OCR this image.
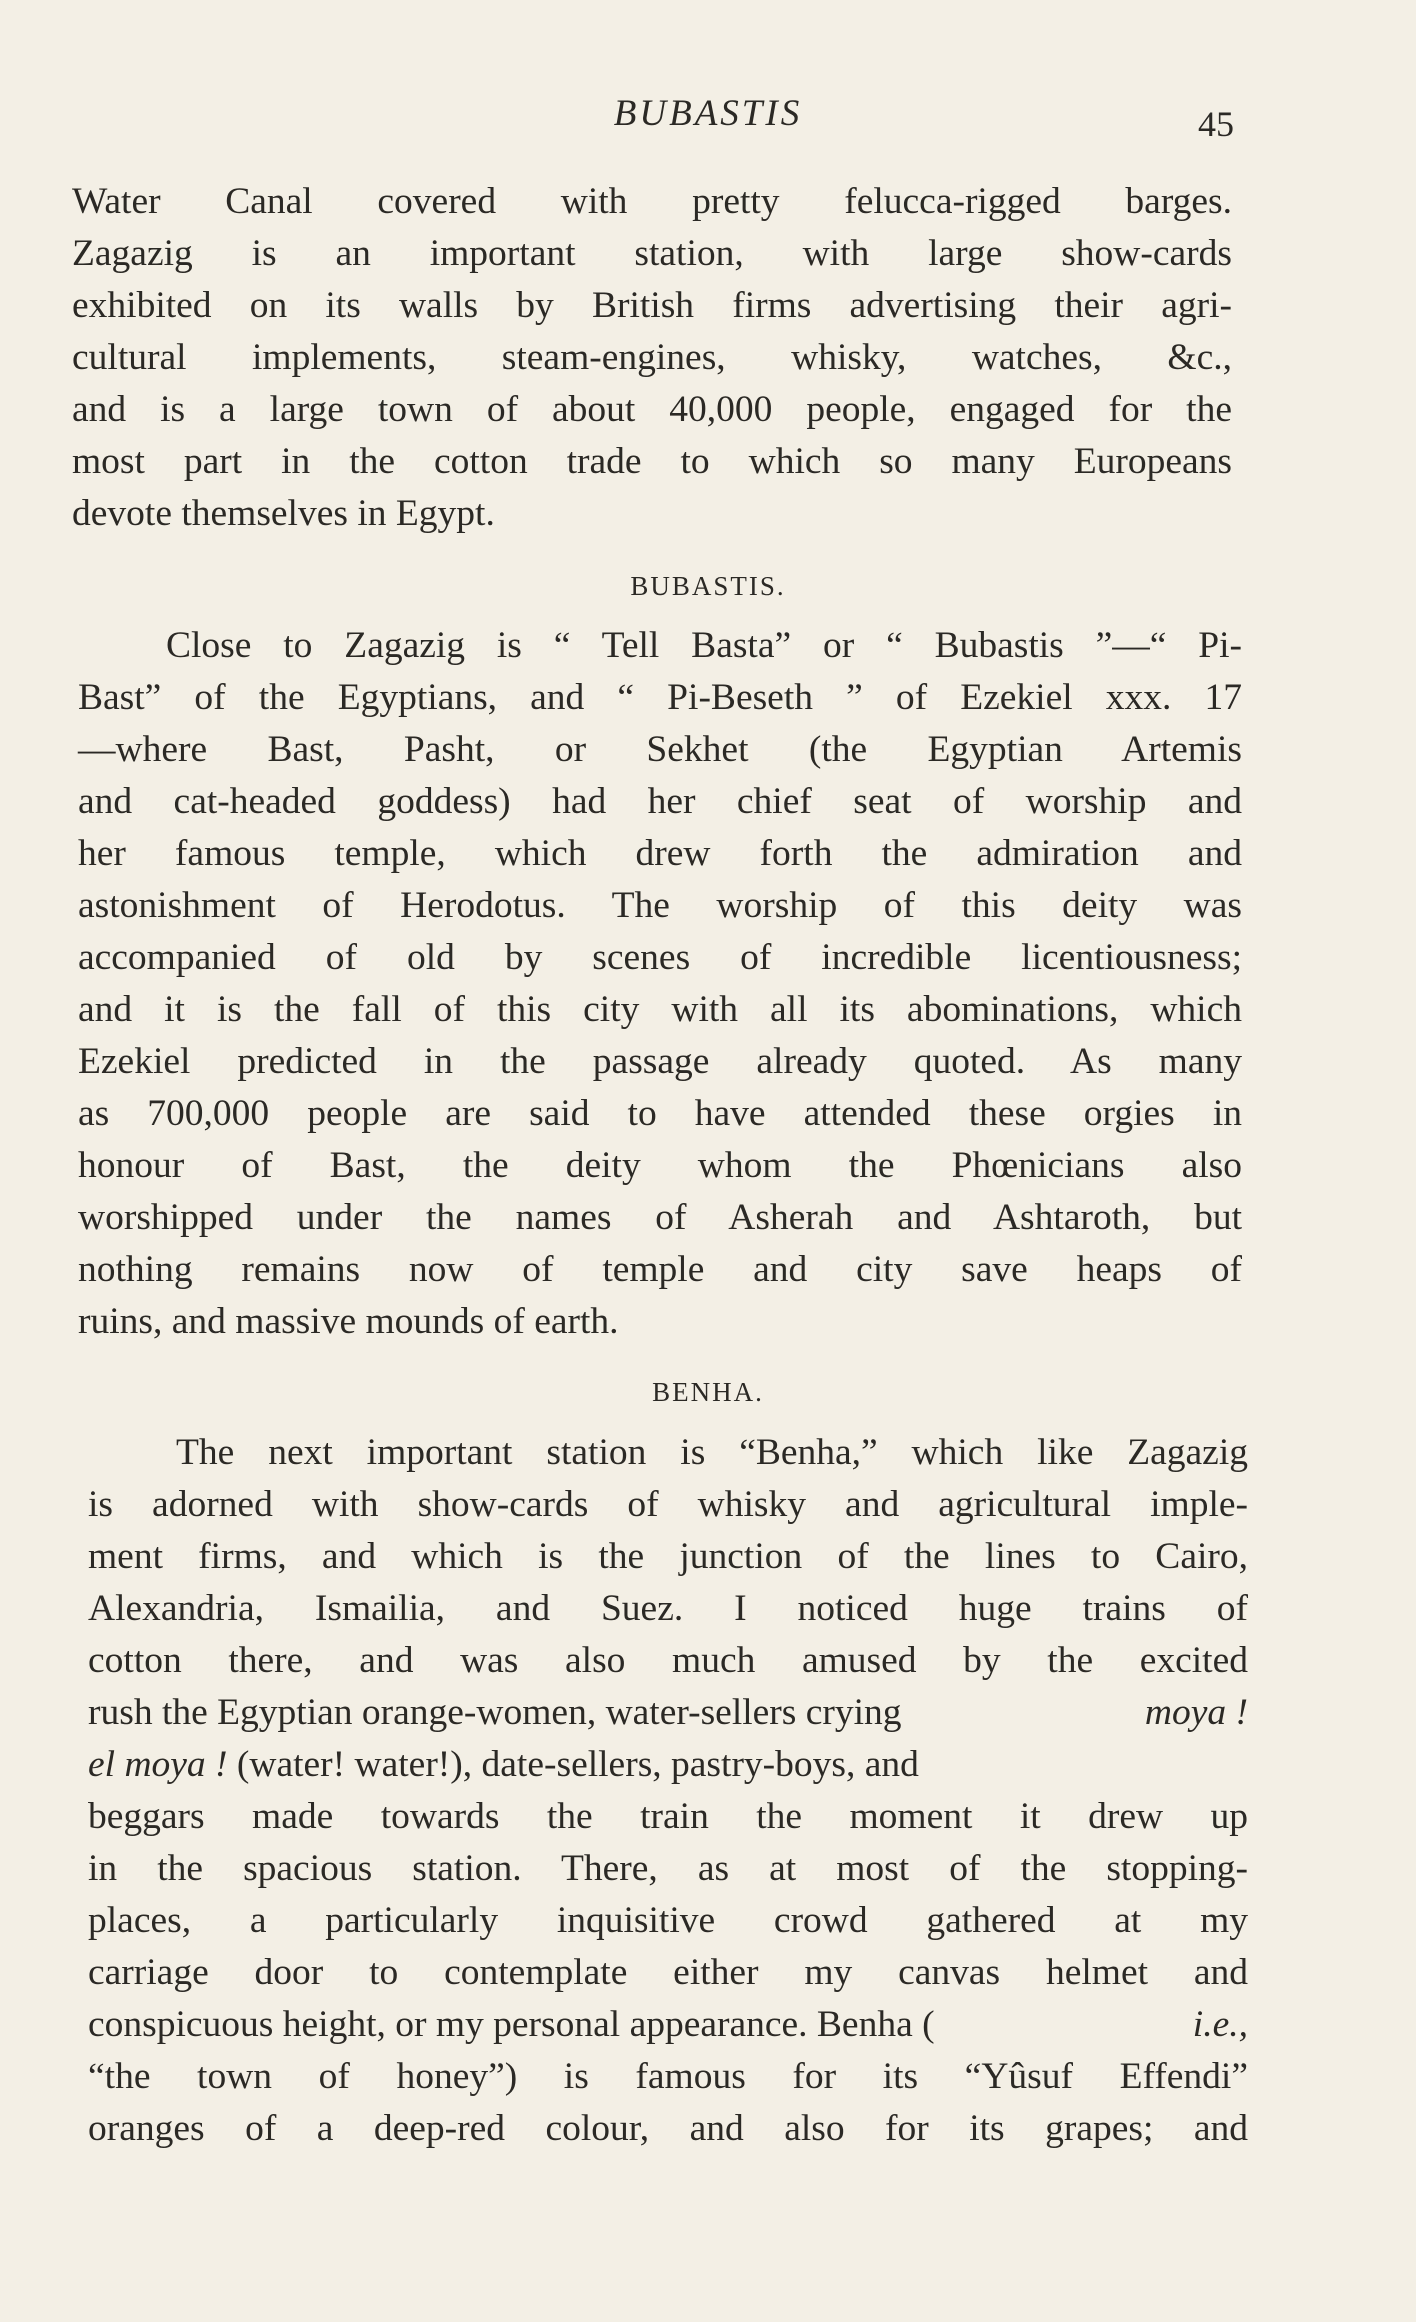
BUBASTIS	45
Water Canal covered with pretty felucca-rigged barges.
Zagazig is an important station, with large show-cards
exhibited on its walls by British firms advertising their agri-
cultural implements, steam-engines, whisky, watches, &c.,
and is a large town of about 40,000 people, engaged for the
most part in the cotton trade to which so many Europeans
devote themselves in Egypt.
BUBASTIS.
Close to Zagazig is “ Tell Basta” or “ Bubastis ”—“ Pi-
Bast” of the Egyptians, and “ Pi-Beseth ” of Ezekiel xxx. 17
—where Bast, Pasht, or Sekhet (the Egyptian Artemis
and cat-headed goddess) had her chief seat of worship and
her famous temple, which drew forth the admiration and
astonishment of Herodotus. The worship of this deity was
accompanied of old by scenes of incredible licentiousness;
and it is the fall of this city with all its abominations, which
Ezekiel predicted in the passage already quoted. As many
as 700,000 people are said to have attended these orgies in
honour of Bast, the deity whom the Phœnicians also
worshipped under the names of Asherah and Ashtaroth, but
nothing remains now of temple and city save heaps of
ruins, and massive mounds of earth.
BENHA.
The next important station is “Benha,” which like Zagazig
is adorned with show-cards of whisky and agricultural imple-
ment firms, and which is the junction of the lines to Cairo,
Alexandria, Ismailia, and Suez. I noticed huge trains of
cotton there, and was also much amused by the excited
rush the Egyptian orange-women, water-sellers crying	moya !
el moya ! (water! water!), date-sellers, pastry-boys, and
beggars made towards the train the moment it drew up
in the spacious station. There, as at most of the stopping-
places, a particularly inquisitive crowd gathered at my
carriage door to contemplate either my canvas helmet and
conspicuous height, or my personal appearance. Benha (	i.e.,
“the town of honey”) is famous for its “Yûsuf Effendi”
oranges of a deep-red colour, and also for its grapes; and
